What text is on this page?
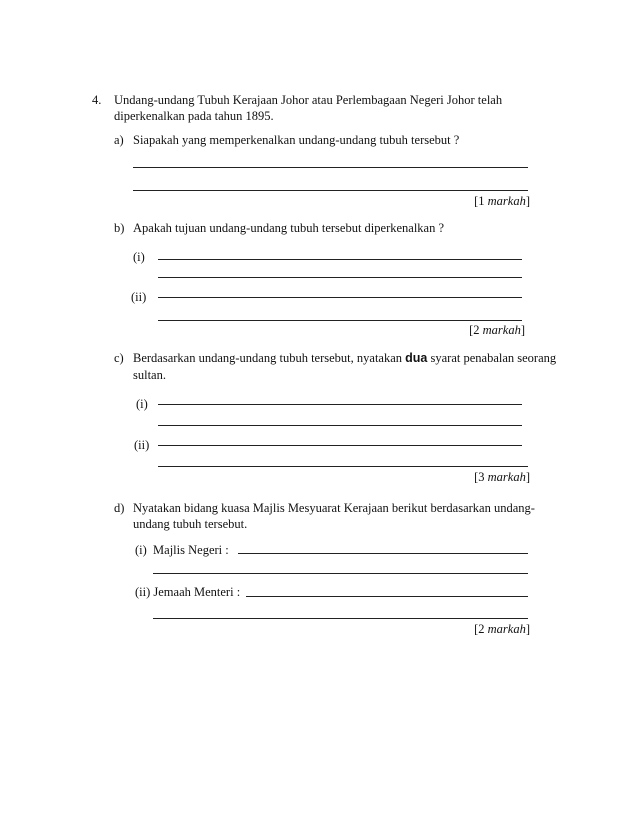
4. Undang-undang Tubuh Kerajaan Johor atau Perlembagaan Negeri Johor telah
diperkenalkan pada tahun 1895.
a) Siapakah yang memperkenalkan undang-undang tubuh tersebut ?
[1 markah]
b) Apakah tujuan undang-undang tubuh tersebut diperkenalkan ?
(i)
(ii)
[2 markah]
c) Berdasarkan undang-undang tubuh tersebut, nyatakan dua syarat penabalan seorang
sultan.
(i)
(ii)
[3 markah]
d) Nyatakan bidang kuasa Majlis Mesyuarat Kerajaan berikut berdasarkan undang-
undang tubuh tersebut.
(i)  Majlis Negeri :
(ii) Jemaah Menteri :
[2 markah]
